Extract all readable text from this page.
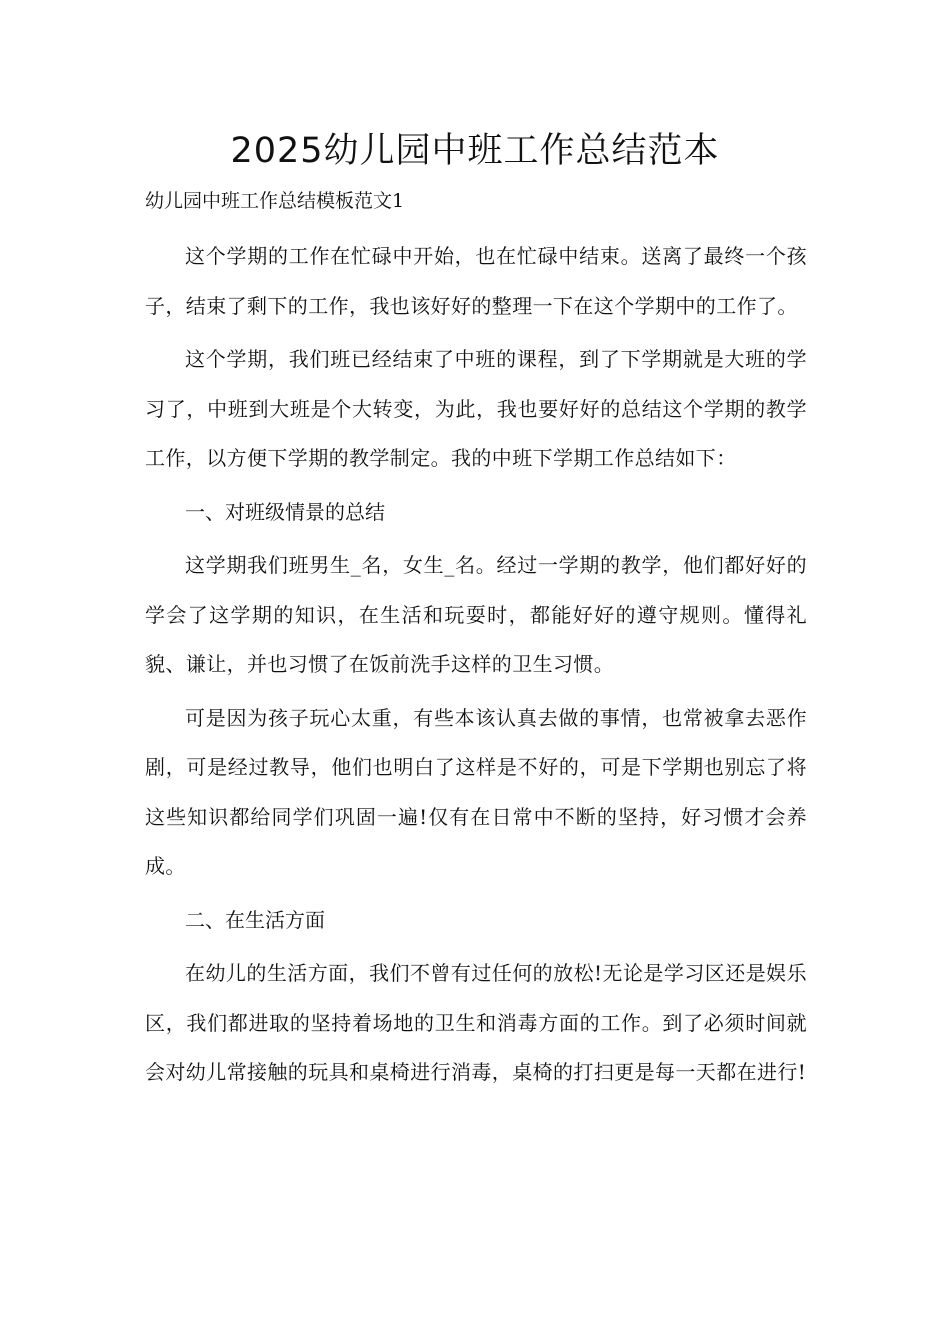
2025幼儿园中班工作总结范本
幼儿园中班工作总结模板范文1

这个学期的工作在忙碌中开始，也在忙碌中结束。送离了最终一个孩子，结束了剩下的工作，我也该好好的整理一下在这个学期中的工作了。

这个学期，我们班已经结束了中班的课程，到了下学期就是大班的学习了，中班到大班是个大转变，为此，我也要好好的总结这个学期的教学工作，以方便下学期的教学制定。我的中班下学期工作总结如下：

一、对班级情景的总结

这学期我们班男生_名，女生_名。经过一学期的教学，他们都好好的学会了这学期的知识，在生活和玩耍时，都能好好的遵守规则。懂得礼貌、谦让，并也习惯了在饭前洗手这样的卫生习惯。

可是因为孩子玩心太重，有些本该认真去做的事情，也常被拿去恶作剧，可是经过教导，他们也明白了这样是不好的，可是下学期也别忘了将这些知识都给同学们巩固一遍!仅有在日常中不断的坚持，好习惯才会养成。

二、在生活方面

在幼儿的生活方面，我们不曾有过任何的放松!无论是学习区还是娱乐区，我们都进取的坚持着场地的卫生和消毒方面的工作。到了必须时间就会对幼儿常接触的玩具和桌椅进行消毒，桌椅的打扫更是每一天都在进行!
